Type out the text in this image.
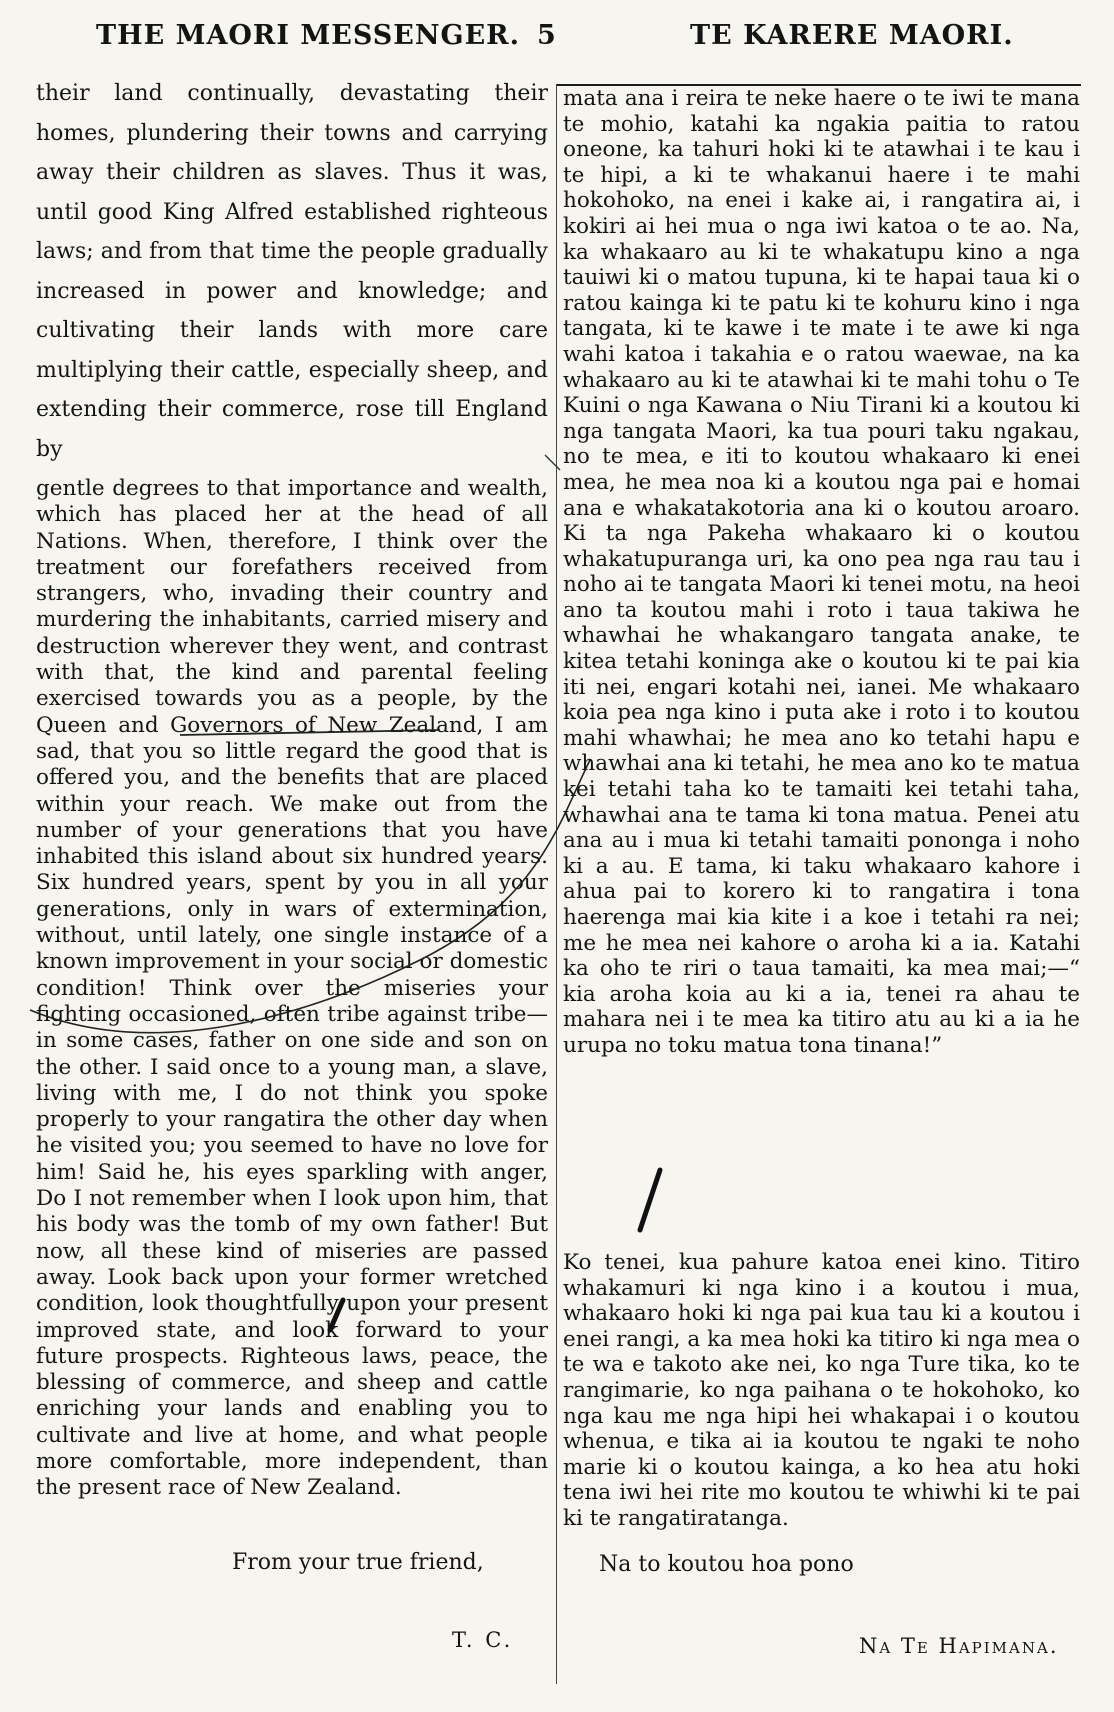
THE MAORI MESSENGER. 5	TE KARERE MAORI.

their land continually, devastating their homes, plundering their towns and carrying away their children as slaves. Thus it was, until good King Alfred established righteous laws; and from that time the people gradually increased in power and knowledge; and cultivating their lands with more care multiplying their cattle, especially sheep, and extending their commerce, rose till England by

gentle degrees to that importance and wealth, which has placed her at the head of all Nations. When, therefore, I think over the treatment our forefathers received from strangers, who, invading their country and murdering the inhabitants, carried misery and destruction wherever they went, and contrast with that, the kind and parental feeling exercised towards you as a people, by the Queen and Governors of New Zealand, I am sad, that you so little regard the good that is offered you, and the benefits that are placed within your reach. We make out from the number of your generations that you have inhabited this island about six hundred years. Six hundred years, spent by you in all your generations, only in wars of extermination, without, until lately, one single instance of a known improvement in your social or domestic condition! Think over the miseries your fighting occasioned, often tribe against tribe—in some cases, father on one side and son on the other. I said once to a young man, a slave, living with me, I do not think you spoke properly to your rangatira the other day when he visited you; you seemed to have no love for him! Said he, his eyes sparkling with anger, Do I not remember when I look upon him, that his body was the tomb of my own father! But now, all these kind of miseries are passed away. Look back upon your former wretched condition, look thoughtfully upon your present improved state, and look forward to your future prospects. Righteous laws, peace, the blessing of commerce, and sheep and cattle enriching your lands and enabling you to cultivate and live at home, and what people more comfortable, more independent, than the present race of New Zealand.

From your true friend,
T. C.

mata ana i reira te neke haere o te iwi te mana te mohio, katahi ka ngakia paitia to ratou oneone, ka tahuri hoki ki te atawhai i te kau i te hipi, a ki te whakanui haere i te mahi hokohoko, na enei i kake ai, i rangatira ai, i kokiri ai hei mua o nga iwi katoa o te ao. Na, ka whakaaro au ki te whakatupu kino a nga tauiwi ki o matou tupuna, ki te hapai taua ki o ratou kainga ki te patu ki te kohuru kino i nga tangata, ki te kawe i te mate i te awe ki nga wahi katoa i takahia e o ratou waewae, na ka whakaaro au ki te atawhai ki te mahi tohu o Te Kuini o nga Kawana o Niu Tirani ki a koutou ki nga tangata Maori, ka tua pouri taku ngakau, no te mea, e iti to koutou whakaaro ki enei mea, he mea noa ki a koutou nga pai e homai ana e whakatakotoria ana ki o koutou aroaro. Ki ta nga Pakeha whakaaro ki o koutou whakatupuranga uri, ka ono pea nga rau tau i noho ai te tangata Maori ki tenei motu, na heoi ano ta koutou mahi i roto i taua takiwa he whawhai he whakangaro tangata anake, te kitea tetahi koninga ake o koutou ki te pai kia iti nei, engari kotahi nei, ianei. Me whakaaro koia pea nga kino i puta ake i roto i to koutou mahi whawhai; he mea ano ko tetahi hapu e whawhai ana ki tetahi, he mea ano ko te matua kei tetahi taha ko te tamaiti kei tetahi taha, whawhai ana te tama ki tona matua. Penei atu ana au i mua ki tetahi tamaiti pononga i noho ki a au. E tama, ki taku whakaaro kahore i ahua pai to korero ki to rangatira i tona haerenga mai kia kite i a koe i tetahi ra nei; me he mea nei kahore o aroha ki a ia. Katahi ka oho te riri o taua tamaiti, ka mea mai;—“ kia aroha koia au ki a ia, tenei ra ahau te mahara nei i te mea ka titiro atu au ki a ia he urupa no toku matua tona tinana!”

Ko tenei, kua pahure katoa enei kino. Titiro whakamuri ki nga kino i a koutou i mua, whakaaro hoki ki nga pai kua tau ki a koutou i enei rangi, a ka mea hoki ka titiro ki nga mea o te wa e takoto ake nei, ko nga Ture tika, ko te rangimarie, ko nga paihana o te hokohoko, ko nga kau me nga hipi hei whakapai i o koutou whenua, e tika ai ia koutou te ngaki te noho marie ki o koutou kainga, a ko hea atu hoki tena iwi hei rite mo koutou te whiwhi ki te pai ki te rangatiratanga.

Na to koutou hoa pono
Na Te Hapimana.
